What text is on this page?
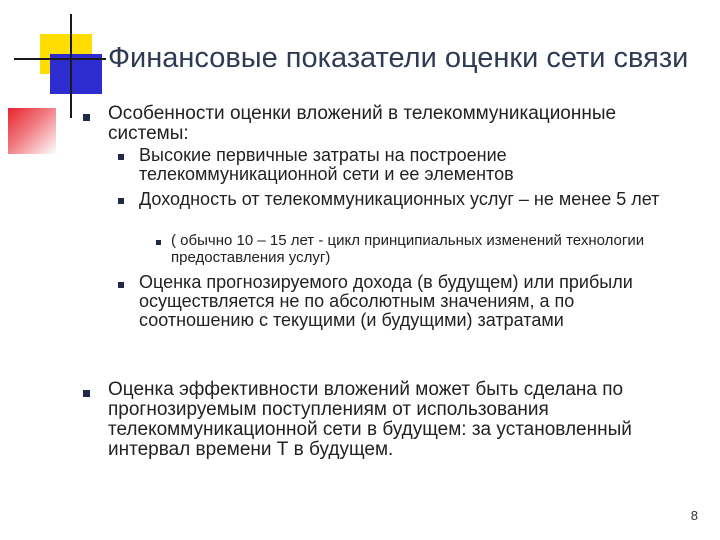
Финансовые показатели оценки сети связи
Особенности оценки вложений в телекоммуникационные системы:
Высокие первичные затраты на построение телекоммуникационной сети и ее элементов
Доходность от телекоммуникационных услуг – не менее 5 лет
( обычно 10 – 15 лет - цикл принципиальных изменений технологии предоставления услуг)
Оценка прогнозируемого дохода (в будущем) или прибыли осуществляется не по абсолютным значениям, а по соотношению с текущими (и будущими) затратами
Оценка эффективности вложений может быть сделана по прогнозируемым поступлениям от использования телекоммуникационной сети в будущем: за установленный интервал времени Т в будущем.
8
